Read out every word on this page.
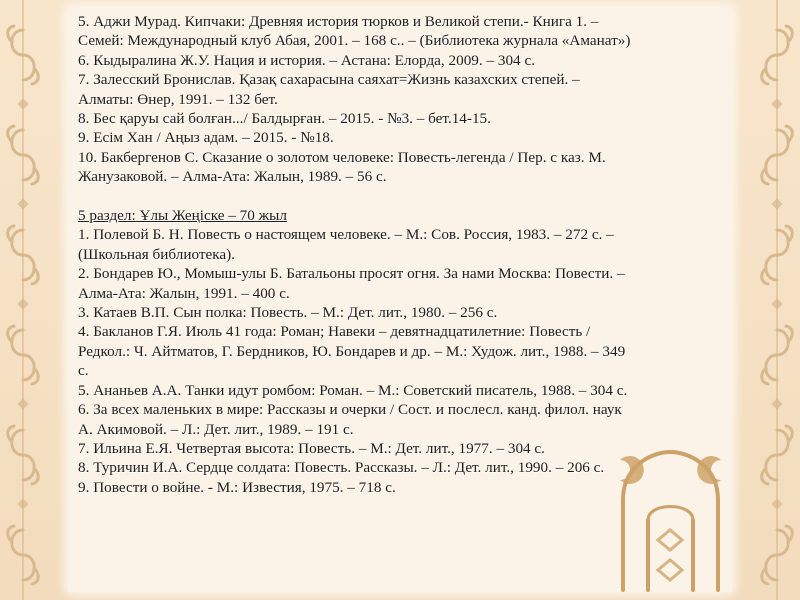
5. Аджи Мурад. Кипчаки: Древняя история тюрков и Великой степи.- Книга 1. –
Семей: Международный клуб Абая, 2001. – 168 с.. – (Библиотека журнала «Аманат»)
6. Кыдыралина Ж.У. Нация и история. – Астана: Елорда, 2009. – 304 с.
7. Залесский Бронислав. Қазақ сахарасына саяхат=Жизнь казахских степей. –
Алматы: Өнер, 1991. – 132 бет.
8. Бес қаруы сай болған.../ Балдырған. – 2015. - №3. – бет.14-15.
9. Есім Хан / Аңыз адам. – 2015. - №18.
10. Бакбергенов С. Сказание о золотом человеке: Повесть-легенда / Пер. с каз. М.
Жанузаковой. – Алма-Ата: Жалын, 1989. – 56 с.
5 раздел: Ұлы Жеңіске – 70 жыл
1. Полевой Б. Н. Повесть о настоящем человеке. – М.: Сов. Россия, 1983. – 272 с. –
(Школьная библиотека).
2. Бондарев Ю., Момыш-улы Б. Батальоны просят огня. За нами Москва: Повести. –
Алма-Ата: Жалын, 1991. – 400 с.
3. Катаев В.П. Сын полка: Повесть. – М.: Дет. лит., 1980. – 256 с.
4. Бакланов Г.Я. Июль 41 года: Роман; Навеки – девятнадцатилетние: Повесть /
Редкол.: Ч. Айтматов, Г. Бердников, Ю. Бондарев и др. – М.: Худож. лит., 1988. – 349
с.
5. Ананьев А.А. Танки идут ромбом: Роман. – М.: Советский писатель, 1988. – 304 с.
6. За всех маленьких в мире: Рассказы и очерки / Сост. и послесл. канд. филол. наук
А. Акимовой. – Л.: Дет. лит., 1989. – 191 с.
7. Ильина Е.Я. Четвертая высота: Повесть. – М.: Дет. лит., 1977. – 304 с.
8. Туричин И.А. Сердце солдата: Повесть. Рассказы. – Л.: Дет. лит., 1990. – 206 с.
9. Повести о войне. - М.: Известия, 1975. – 718 с.
